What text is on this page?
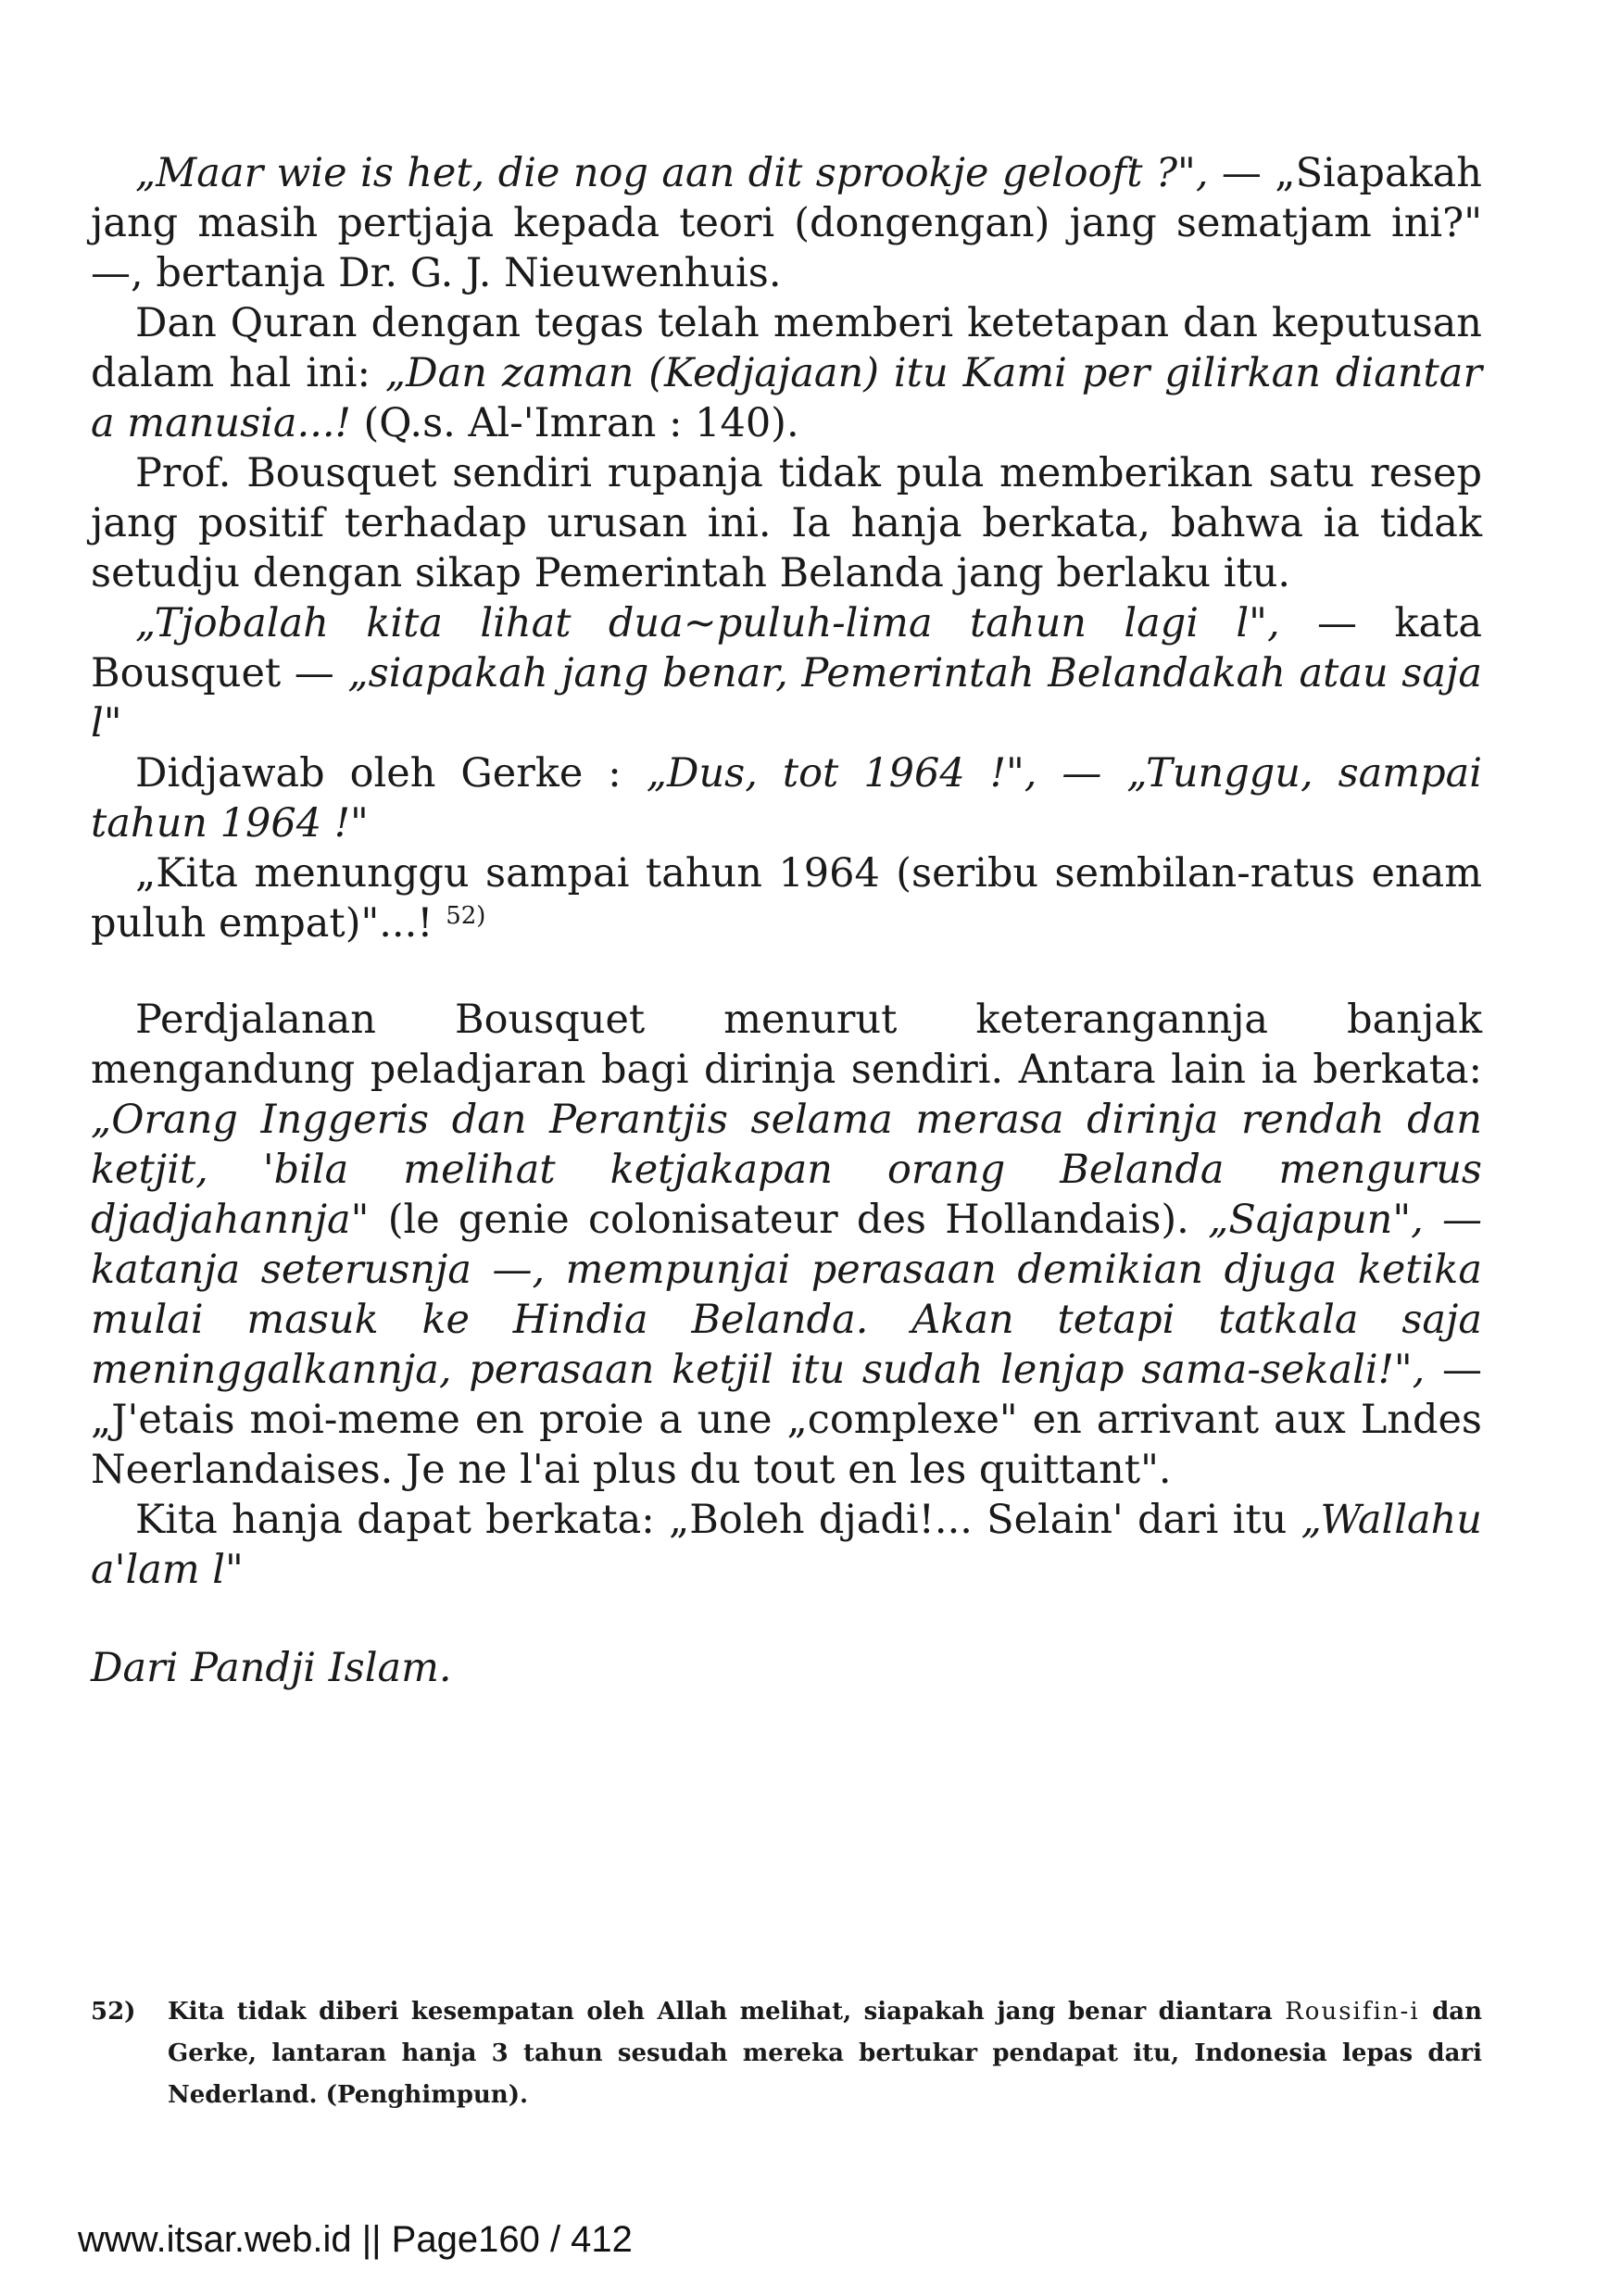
„Maar wie is het, die nog aan dit sprookje gelooft ?", — „Siapakah jang masih pertjaja kepada teori (dongengan) jang sematjam ini?" —, bertanja Dr. G. J. Nieuwenhuis.

Dan Quran dengan tegas telah memberi ketetapan dan keputusan dalam hal ini: „Dan zaman (Kedjajaan) itu Kami per gilirkan diantar a manusia...! (Q.s. Al-'Imran : 140).

Prof. Bousquet sendiri rupanja tidak pula memberikan satu resep jang positif terhadap urusan ini. Ia hanja berkata, bahwa ia tidak setudju dengan sikap Pemerintah Belanda jang berlaku itu.

„Tjobalah kita lihat dua~puluh-lima tahun lagi l", — kata Bousquet — „siapakah jang benar, Pemerintah Belandakah atau saja l"

Didjawab oleh Gerke : „Dus, tot 1964 !", — „Tunggu, sampai tahun 1964 !"

„Kita menunggu sampai tahun 1964 (seribu sembilan-ratus enam puluh empat)"...! $^{52)}$

Perdjalanan Bousquet menurut keterangannja banjak mengandung peladjaran bagi dirinja sendiri. Antara lain ia berkata: „Orang Inggeris dan Perantjis selama merasa dirinja rendah dan ketjit, 'bila melihat ketjakapan orang Belanda mengurus djadjahannja" (le genie colonisateur des Hollandais). „Sajapun", — katanja seterusnja —, mempunjai perasaan demikian djuga ketika mulai masuk ke Hindia Belanda. Akan tetapi tatkala saja meninggalkannja, perasaan ketjil itu sudah lenjap sama-sekali!", — „J'etais moi-meme en proie a une „complexe" en arrivant aux Lndes Neerlandaises. Je ne l'ai plus du tout en les quittant".

Kita hanja dapat berkata: „Boleh djadi!... Selain' dari itu „Wallahu a'lam l"

Dari Pandji Islam.

52) Kita tidak diberi kesempatan oleh Allah melihat, siapakah jang benar diantara Rousifin-i dan Gerke, lantaran hanja 3 tahun sesudah mereka bertukar pendapat itu, Indonesia lepas dari Nederland. (Penghimpun).
www.itsar.web.id || Page160 / 412
